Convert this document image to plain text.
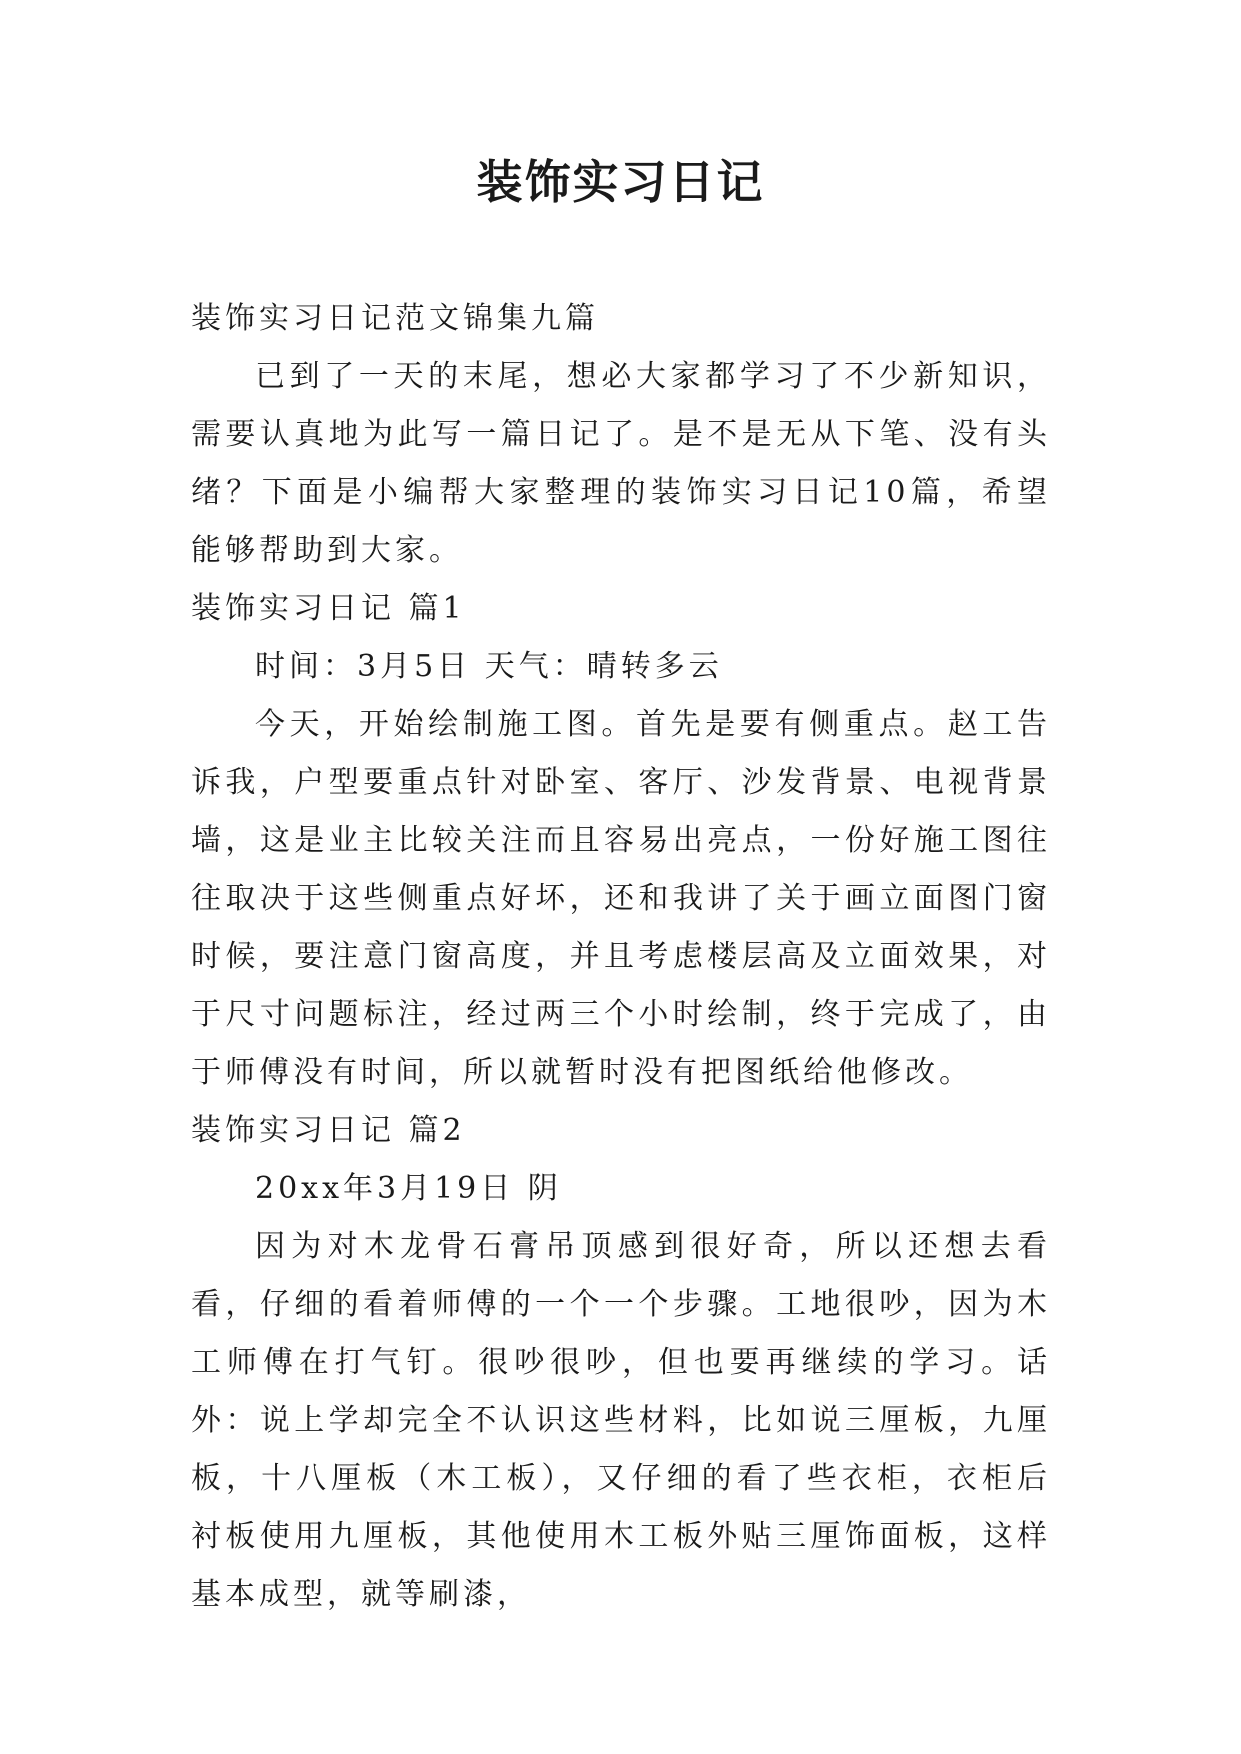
装饰实习日记

装饰实习日记范文锦集九篇

已到了一天的末尾，想必大家都学习了不少新知识，需要认真地为此写一篇日记了。是不是无从下笔、没有头绪？下面是小编帮大家整理的装饰实习日记10篇，希望能够帮助到大家。

装饰实习日记 篇1

时间：3月5日 天气：晴转多云

今天，开始绘制施工图。首先是要有侧重点。赵工告诉我，户型要重点针对卧室、客厅、沙发背景、电视背景墙，这是业主比较关注而且容易出亮点，一份好施工图往往取决于这些侧重点好坏，还和我讲了关于画立面图门窗时候，要注意门窗高度，并且考虑楼层高及立面效果，对于尺寸问题标注，经过两三个小时绘制，终于完成了，由于师傅没有时间，所以就暂时没有把图纸给他修改。

装饰实习日记 篇2

20xx年3月19日 阴

因为对木龙骨石膏吊顶感到很好奇，所以还想去看看，仔细的看着师傅的一个一个步骤。工地很吵，因为木工师傅在打气钉。很吵很吵，但也要再继续的学习。话外：说上学却完全不认识这些材料，比如说三厘板，九厘板，十八厘板（木工板），又仔细的看了些衣柜，衣柜后衬板使用九厘板，其他使用木工板外贴三厘饰面板，这样基本成型，就等刷漆，
